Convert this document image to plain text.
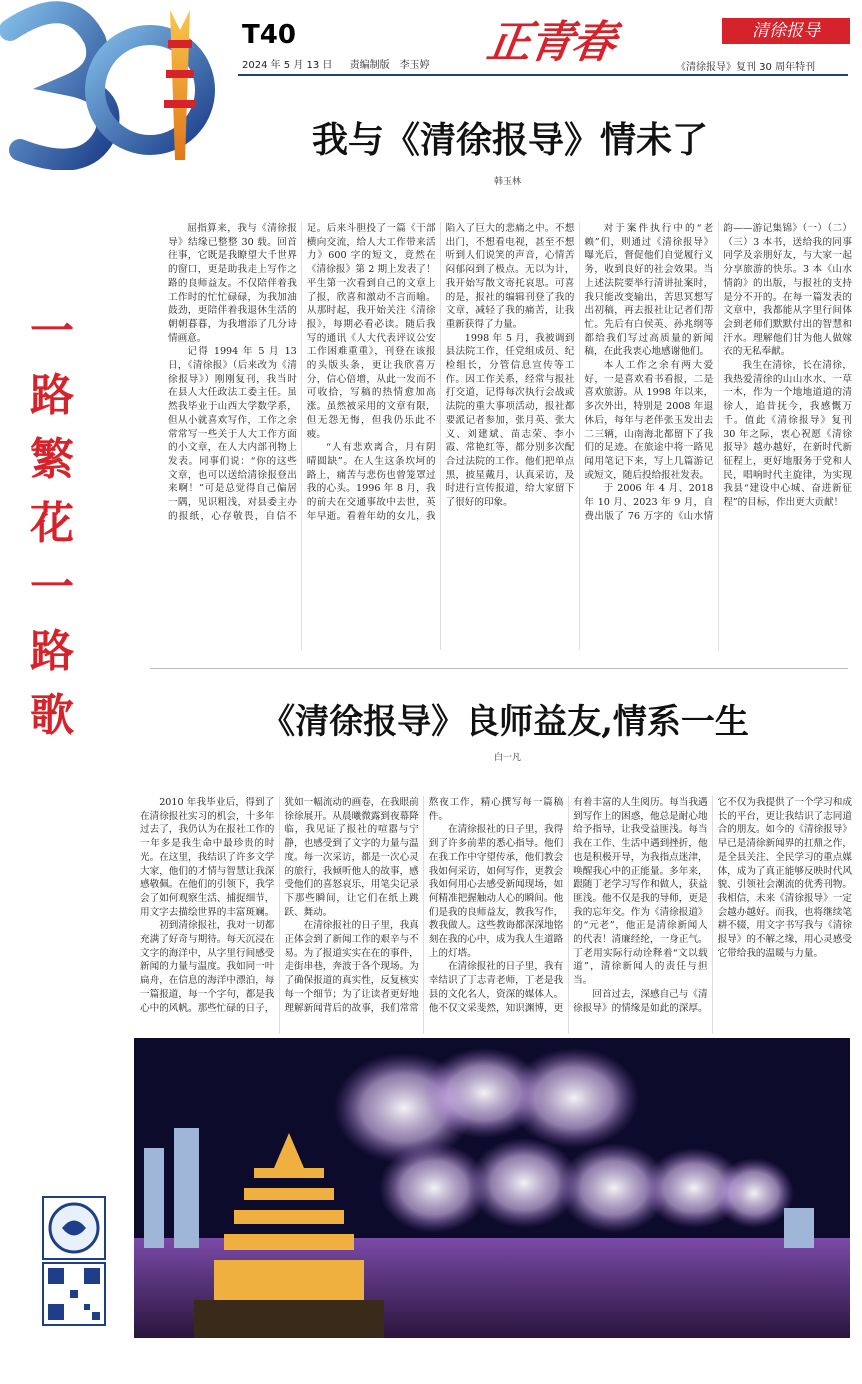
一
路
繁
花
一
路
歌
T40
2024 年 5 月 13 日 责编制版　李玉婷	正青春	清徐报导
《清徐报导》复刊 30 周年特刊
我与《清徐报导》情未了
韩玉林

屈指算来，我与《清徐报导》结缘已整整 30 载。回首往事，它既是我瞭望大千世界的窗口，更是助我走上写作之路的良师益友。不仅陪伴着我工作时的忙忙碌碌，为我加油鼓劲，更陪伴着我退休生活的朝朝暮暮，为我增添了几分诗情画意。

记得 1994 年 5 月 13 日，《清徐报》（后来改为《清徐报导》）刚刚复刊，我当时在县人大任政法工委主任。虽然我毕业于山西大学数学系，但从小就喜欢写作，工作之余常常写一些关于人大工作方面的小文章，在人大内部刊物上发表。同事们说：“你的这些文章，也可以送给清徐报登出来啊！”可是总觉得自己偏居一隅，见识粗浅，对县委主办的报纸，心存敬畏，自信不足。后来斗胆投了一篇《干部横向交流，给人大工作带来活力》600 字的短文，竟然在《清徐报》第 2 期上发表了！平生第一次看到自己的文章上了报，欣喜和激动不言而喻。从那时起，我开始关注《清徐报》，每期必看必读。随后我写的通讯《人大代表评议公安工作困难重重》，刊登在该报的头版头条，更让我欣喜万分，信心倍增，从此一发而不可收拾，写稿的热情愈加高涨。虽然被采用的文章有限，但无怨无悔，但我仍乐此不疲。

“人有悲欢离合，月有阴晴圆缺”。在人生这条坎坷的路上，痛苦与悲伤也曾笼罩过我的心头。1996 年 8 月，我的前夫在交通事故中去世，英年早逝。看着年幼的女儿，我陷入了巨大的悲痛之中。不想出门，不想看电视，甚至不想听到人们说笑的声音，心情苦闷郁闷到了极点。无以为计，我开始写散文寄托哀思。可喜的是，报社的编辑刊登了我的文章，减轻了我的痛苦，让我重新获得了力量。

1998 年 5 月，我被调到县法院工作，任党组成员、纪检组长，分管信息宣传等工作。因工作关系，经常与报社打交道，记得每次执行会战或法院的重大事项活动，报社都要派记者参加，张月英、张大义、刘建斌、苗志荣、李小霞、常艳红等，都分别多次配合过法院的工作。他们把单点黑，披星戴月，认真采访，及时进行宣传报道，给大家留下了很好的印象。

对于案件执行中的“老赖”们，则通过《清徐报导》曝光后，督促他们自觉履行义务，收到良好的社会效果。当上述法院要举行清讲扯案时，我只能改变输出，苦思冥想写出初稿，再去报社让记者们帮忙。先后有白侯英、孙兆纲等都给我们写过高质量的新闻稿，在此我衷心地感谢他们。

本人工作之余有两大爱好，一是喜欢看书看报，二是喜欢旅游。从 1998 年以来，多次外出，特别是 2008 年退休后，每年与老伴张玉发出去二三辆，山南海北都留下了我们的足迹。在旅途中将一路见闻用笔记下来，写上几篇游记或短文，随后投给报社发表。

于 2006 年 4 月、2018 年 10 月、2023 年 9 月，自费出版了 76 万字的《山水情韵——游记集锦》（一）（二）（三）3 本书，送给我的同事同学及亲朋好友，与大家一起分享旅游的快乐。3 本《山水情韵》的出版，与报社的支持是分不开的。在每一篇发表的文章中，我都能从字里行间体会到老师们默默付出的智慧和汗水。理解他们甘为他人做嫁衣的无私奉献。

我生在清徐，长在清徐，我热爱清徐的山山水水、一草一木，作为一个地地道道的清徐人，追昔抚今，我感慨万千。值此《清徐报导》复刊 30 年之际，衷心祝愿《清徐报导》越办越好，在新时代新征程上，更好地服务于党和人民，唱响时代主旋律，为实现我县“建设中心城、奋进新征程”的目标，作出更大贡献！

《清徐报导》良师益友,情系一生
白一凡

2010 年我毕业后，得到了在清徐报社实习的机会，十多年过去了，我仍认为在报社工作的一年多是我生命中最珍贵的时光。在这里，我结识了许多文学大家，他们的才情与智慧让我深感敬佩。在他们的引领下，我学会了如何观察生活、捕捉细节，用文字去描绘世界的丰富斑斓。

初到清徐报社，我对一切都充满了好奇与期待。每天沉浸在文字的海洋中，从字里行间感受新闻的力量与温度。我如同一叶扁舟，在信息的海洋中漂泊，每一篇报道，每一个字句，都是我心中的风帆。那些忙碌的日子，犹如一幅流动的画卷，在我眼前徐徐展开。从晨曦微露到夜幕降临，我见证了报社的喧嚣与宁静，也感受到了文字的力量与温度。每一次采访，都是一次心灵的旅行，我倾听他人的故事，感受他们的喜怒哀乐，用笔尖记录下那些瞬间，让它们在纸上跳跃、舞动。

在清徐报社的日子里，我真正体会到了新闻工作的艰辛与不易。为了报道实实在在的事件，走街串巷，奔波于各个现场。为了确保报道的真实性，反复核实每一个细节；为了让读者更好地理解新闻背后的故事，我们常常熬夜工作，精心撰写每一篇稿件。

在清徐报社的日子里，我得到了许多前辈的悉心指导。他们在我工作中守望传承，他们教会我如何采访，如何写作，更教会我如何用心去感受新闻现场，如何精准把握触动人心的瞬间。他们是我的良师益友，教我写作，教我做人。这些教诲都深深地铭刻在我的心中，成为我人生道路上的灯塔。

在清徐报社的日子里，我有幸结识了丁志青老师，丁老是我县的文化名人，资深的媒体人。他不仅文采斐然，知识渊博，更有着丰富的人生阅历。每当我遇到写作上的困惑，他总是耐心地给予指导，让我受益匪浅。每当我在工作、生活中遇到挫折，他也是积极开导，为我指点迷津，唤醒我心中的正能量。多年来，跟随丁老学习写作和做人，获益匪浅。他不仅是我的导师，更是我的忘年交。作为《清徐报道》的“元老”，他正是清徐新闻人的代表！清廉经纶，一身正气。丁老用实际行动诠释着“文以载道”，清徐新闻人的责任与担当。

回首过去，深感自己与《清徐报导》的情缘是如此的深厚。它不仅为我提供了一个学习和成长的平台，更让我结识了志同道合的朋友。如今的《清徐报导》早已是清徐新闻界的扛鼎之作，是全县关注、全民学习的重点媒体，成为了真正能够反映时代风貌、引领社会潮流的优秀刊物。我相信，未来《清徐报导》一定会越办越好。而我，也将继续笔耕不辍，用文字书写我与《清徐报导》的不解之缘，用心灵感受它带给我的温暖与力量。
